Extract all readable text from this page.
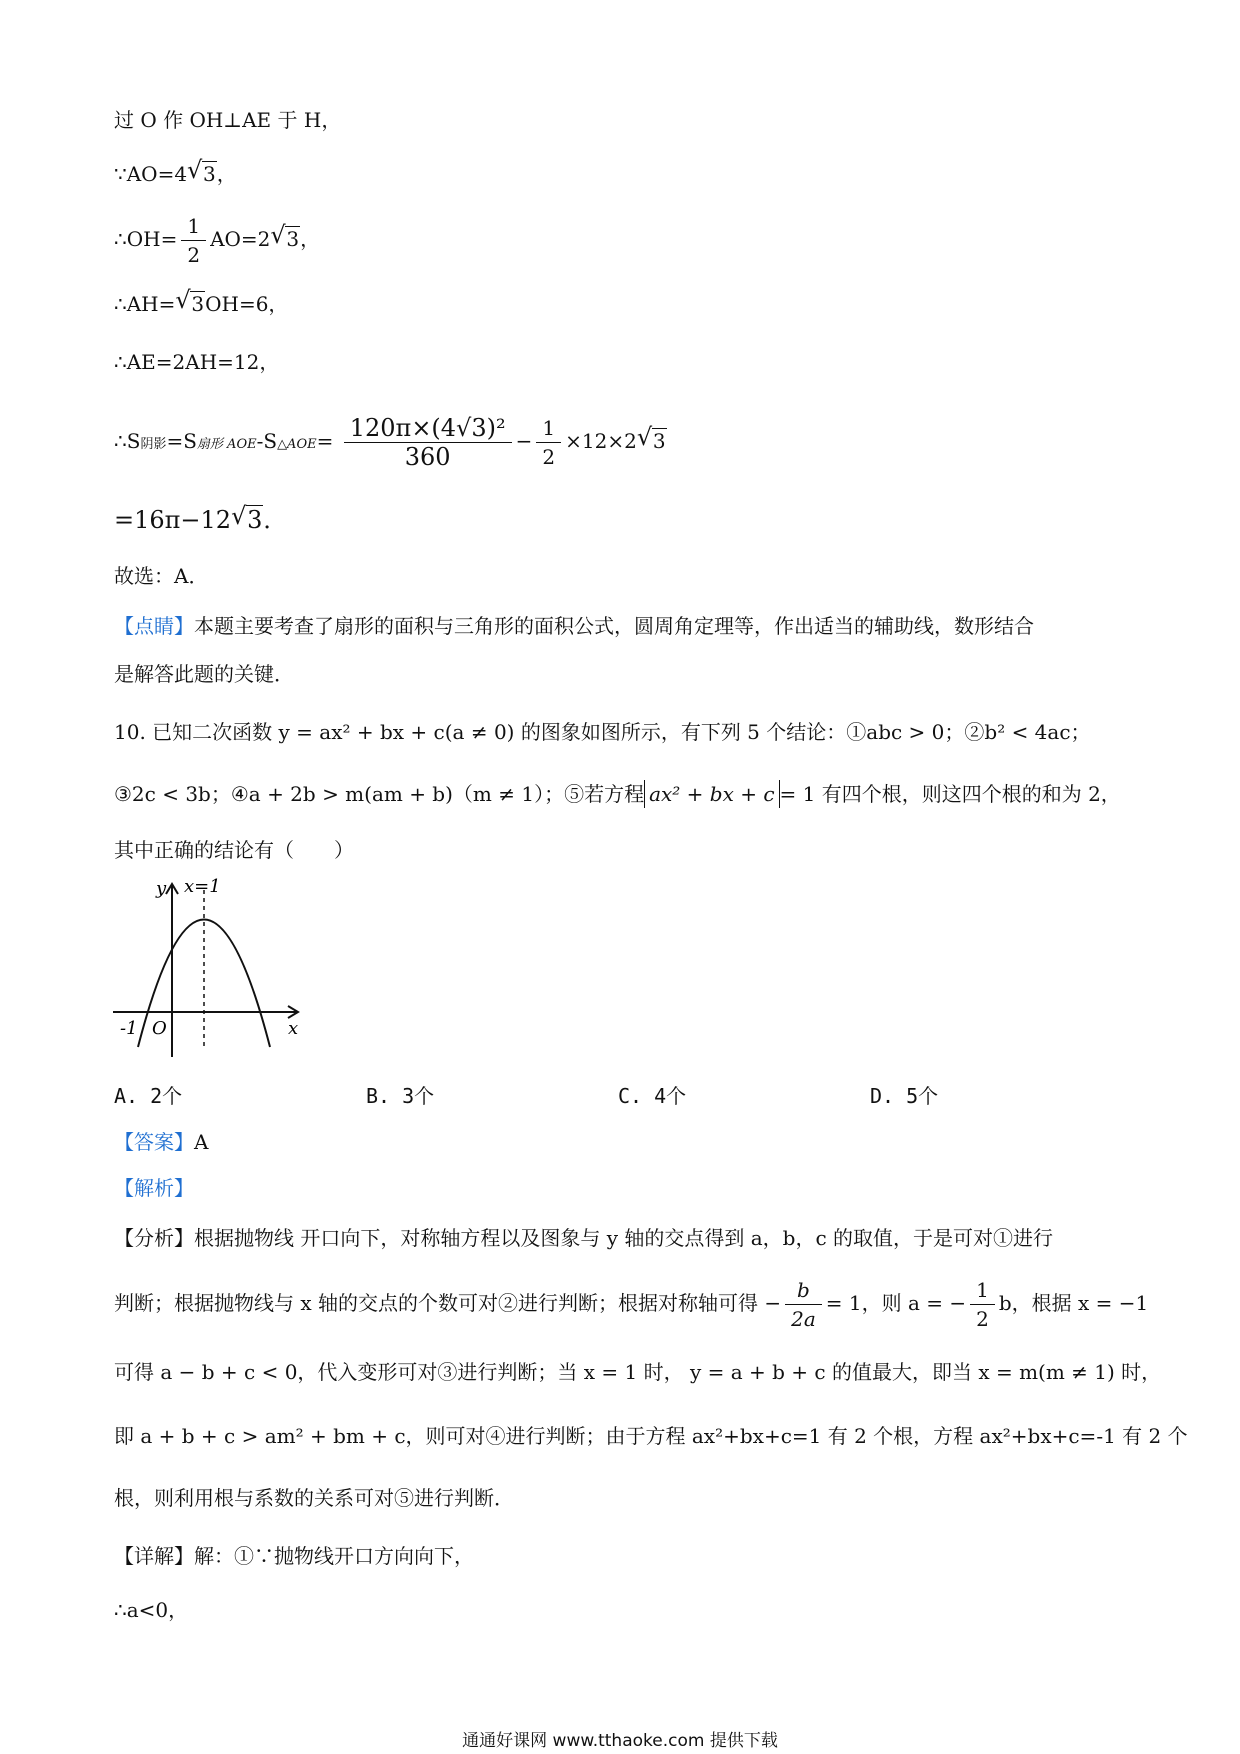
过 O 作 OH⊥AE 于 H，
∵AO=4√ 3，
∴OH= $\frac{1}{2} AO=2√$ 3，
∴AH=√ 3OH=6，
∴AE=2AH=12，
∴S阴影=S扇形 AOE-S△AOE= $\frac{\text{120π×(4√3)²}}{360} - \frac{1}{2} \times 12\times 2√$ 3
=16π−12√ 3．
故选：A．
【点睛】本题主要考查了扇形的面积与三角形的面积公式，圆周角定理等，作出适当的辅助线，数形结合
是解答此题的关键．
10. 已知二次函数 y = ax² + bx + c(a ≠ 0) 的图象如图所示，有下列 5 个结论：①abc > 0；②b² < 4ac；
③2c < 3b；④a + 2b > m(am + b)（m ≠ 1）；⑤若方程 ax² + bx + c = 1 有四个根，则这四个根的和为 2，
其中正确的结论有（　　）
y x=1
x
O
-1
A. 2个	B. 3个	C. 4个	D. 5个
【答案】A
【解析】
【分析】根据抛物线 开口向下，对称轴方程以及图象与 y 轴的交点得到 a，b，c 的取值，于是可对①进行
判断；根据抛物线与 x 轴的交点的个数可对②进行判断；根据对称轴可得 − $\frac{b}{2a} = 1$，则 a = − $\frac{1}{2}$ b，根据 x = −1
可得 a − b + c < 0，代入变形可对③进行判断；当 x = 1 时， y = a + b + c 的值最大，即当 x = m(m ≠ 1) 时，
即 a + b + c > am² + bm + c，则可对④进行判断；由于方程 ax²+bx+c=1 有 2 个根，方程 ax²+bx+c=-1 有 2 个
根，则利用根与系数的关系可对⑤进行判断．
【详解】解：①∵抛物线开口方向向下，
∴a<0，
通通好课网 www.tthaoke.com 提供下载
